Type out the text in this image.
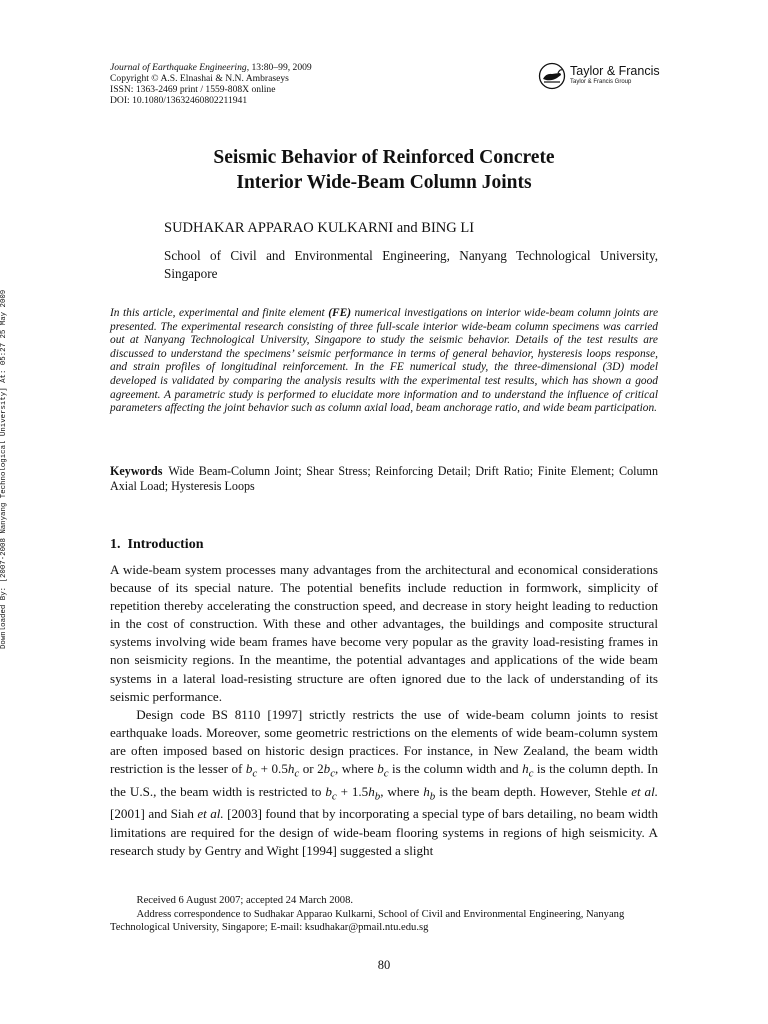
Journal of Earthquake Engineering, 13:80–99, 2009
Copyright © A.S. Elnashai & N.N. Ambraseys
ISSN: 1363-2469 print / 1559-808X online
DOI: 10.1080/13632460802211941
Taylor & Francis
Taylor & Francis Group
Downloaded By: [2007-2008 Nanyang Technological University] At: 05:27 25 May 2009
Seismic Behavior of Reinforced Concrete
Interior Wide-Beam Column Joints
SUDHAKAR APPARAO KULKARNI and BING LI
School of Civil and Environmental Engineering, Nanyang Technological University, Singapore
In this article, experimental and finite element (FE) numerical investigations on interior wide-beam column joints are presented. The experimental research consisting of three full-scale interior wide-beam column specimens was carried out at Nanyang Technological University, Singapore to study the seismic behavior. Details of the test results are discussed to understand the specimens’ seismic performance in terms of general behavior, hysteresis loops response, and strain profiles of longitudinal reinforcement. In the FE numerical study, the three-dimensional (3D) model developed is validated by comparing the analysis results with the experimental test results, which has shown a good agreement. A parametric study is performed to elucidate more information and to understand the influence of critical parameters affecting the joint behavior such as column axial load, beam anchorage ratio, and wide beam participation.
Keywords Wide Beam-Column Joint; Shear Stress; Reinforcing Detail; Drift Ratio; Finite Element; Column Axial Load; Hysteresis Loops
1. Introduction

A wide-beam system processes many advantages from the architectural and economical considerations because of its special nature. The potential benefits include reduction in formwork, simplicity of repetition thereby accelerating the construction speed, and decrease in story height leading to reduction in the cost of construction. With these and other advantages, the buildings and composite structural systems involving wide beam frames have become very popular as the gravity load-resisting frames in non seismicity regions. In the meantime, the potential advantages and applications of the wide beam systems in a lateral load-resisting structure are often ignored due to the lack of understanding of its seismic performance.

Design code BS 8110 [1997] strictly restricts the use of wide-beam column joints to resist earthquake loads. Moreover, some geometric restrictions on the elements of wide beam-column system are often imposed based on historic design practices. For instance, in New Zealand, the beam width restriction is the lesser of $b_c + 0.5h_c$ or $2b_c$, where $b_c$ is the column width and $h_c$ is the column depth. In the U.S., the beam width is restricted to $b_c + 1.5h_b$, where $h_b$ is the beam depth. However, Stehle et al. [2001] and Siah et al. [2003] found that by incorporating a special type of bars detailing, no beam width limitations are required for the design of wide-beam flooring systems in regions of high seismicity. A research study by Gentry and Wight [1994] suggested a slight

Received 6 August 2007; accepted 24 March 2008.

Address correspondence to Sudhakar Apparao Kulkarni, School of Civil and Environmental Engineering, Nanyang Technological University, Singapore; E-mail: ksudhakar@pmail.ntu.edu.sg

80
